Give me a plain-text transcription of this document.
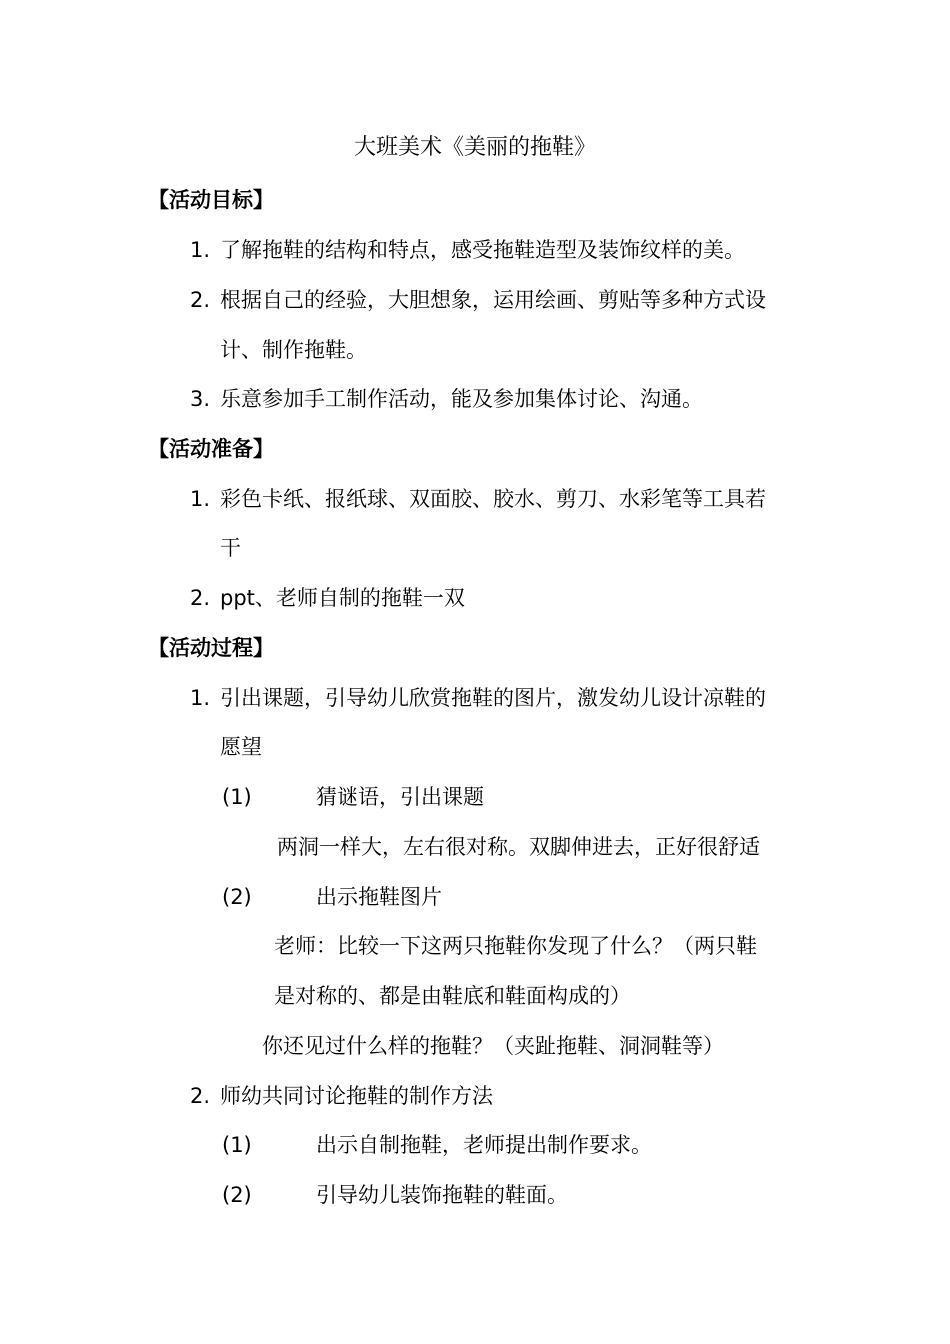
大班美术《美丽的拖鞋》
【活动目标】
1. 了解拖鞋的结构和特点，感受拖鞋造型及装饰纹样的美。
2. 根据自己的经验，大胆想象，运用绘画、剪贴等多种方式设
计、制作拖鞋。
3. 乐意参加手工制作活动，能及参加集体讨论、沟通。
【活动准备】
1. 彩色卡纸、报纸球、双面胶、胶水、剪刀、水彩笔等工具若
干
2. ppt、老师自制的拖鞋一双
【活动过程】
1. 引出课题，引导幼儿欣赏拖鞋的图片，激发幼儿设计凉鞋的
愿望
(1)	猜谜语，引出课题
两洞一样大，左右很对称。双脚伸进去，正好很舒适
(2)	出示拖鞋图片
老师：比较一下这两只拖鞋你发现了什么？（两只鞋
是对称的、都是由鞋底和鞋面构成的）
你还见过什么样的拖鞋？（夹趾拖鞋、洞洞鞋等）
2. 师幼共同讨论拖鞋的制作方法
(1)	出示自制拖鞋，老师提出制作要求。
(2)	引导幼儿装饰拖鞋的鞋面。
